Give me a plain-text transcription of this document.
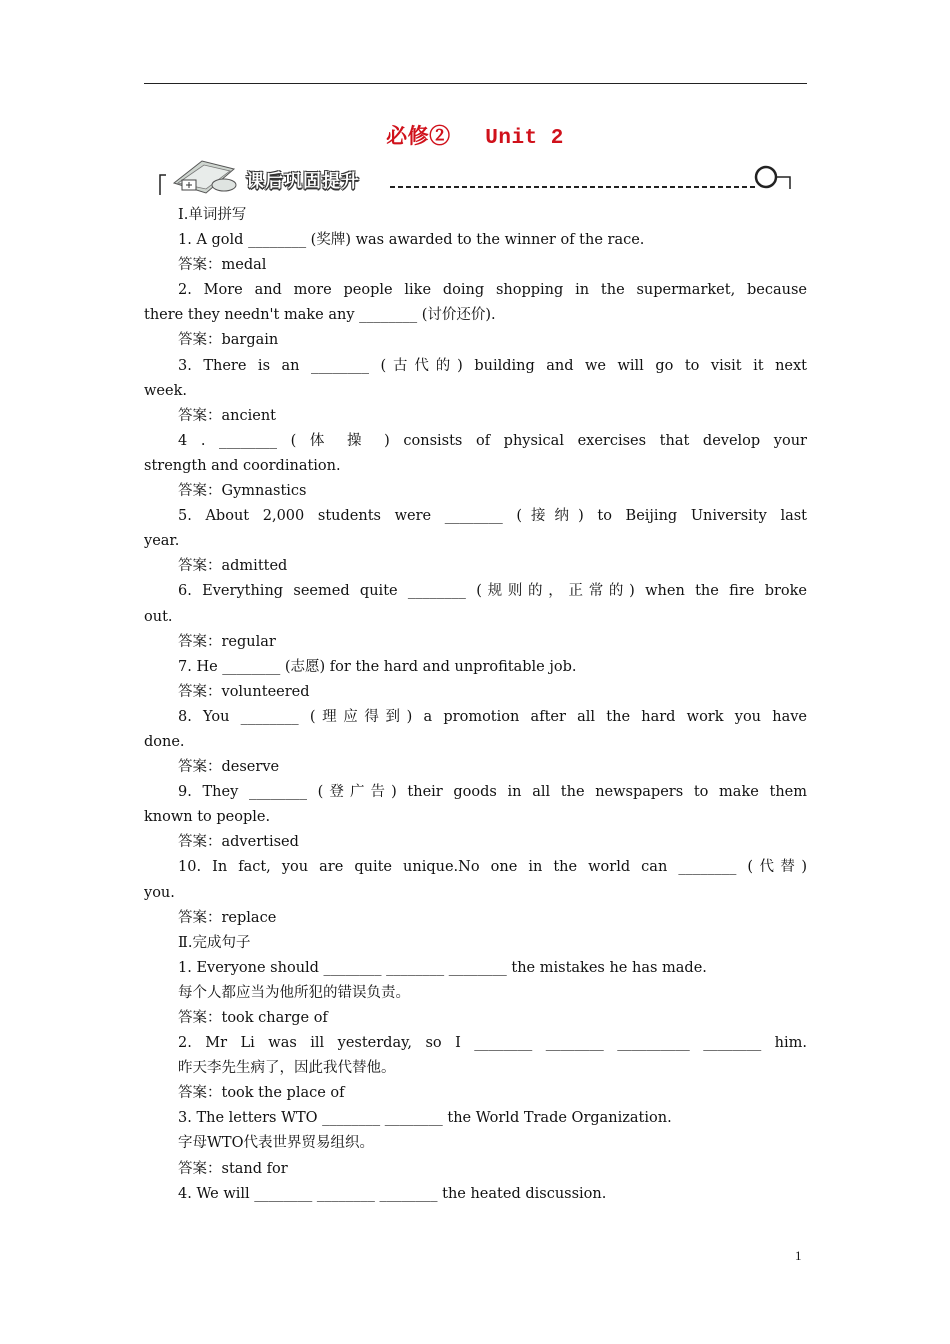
必修②　 Unit 2
课后巩固提升
Ⅰ.单词拼写
1. A gold ________ (奖牌) was awarded to the winner of the race.
答案：medal
2. More and more people like doing shopping in the supermarket, because
there they needn't make any ________ (讨价还价).
答案：bargain
3. There is an ________ (古代的) building and we will go to visit it next
week.
答案：ancient
4 . ________ ( 体 操 ) consists of physical exercises that develop your
strength and coordination.
答案：Gymnastics
5. About 2,000 students were ________ (接纳) to Beijing University last
year.
答案：admitted
6. Everything seemed quite ________ (规则的，正常的) when the fire broke
out.
答案：regular
7. He ________ (志愿) for the hard and unprofitable job.
答案：volunteered
8. You ________ (理应得到) a promotion after all the hard work you have
done.
答案：deserve
9. They ________ (登广告) their goods in all the newspapers to make them
known to people.
答案：advertised
10. In fact, you are quite unique.No one in the world can ________ (代替)
you.
答案：replace
Ⅱ.完成句子
1. Everyone should ________ ________ ________ the mistakes he has made.
每个人都应当为他所犯的错误负责。
答案：took charge of
2. Mr Li was ill yesterday, so I ________ ________ __________ ________ him.
昨天李先生病了，因此我代替他。
答案：took the place of
3. The letters WTO ________ ________ the World Trade Organization.
字母WTO代表世界贸易组织。
答案：stand for
4. We will ________ ________ ________ the heated discussion.
1
